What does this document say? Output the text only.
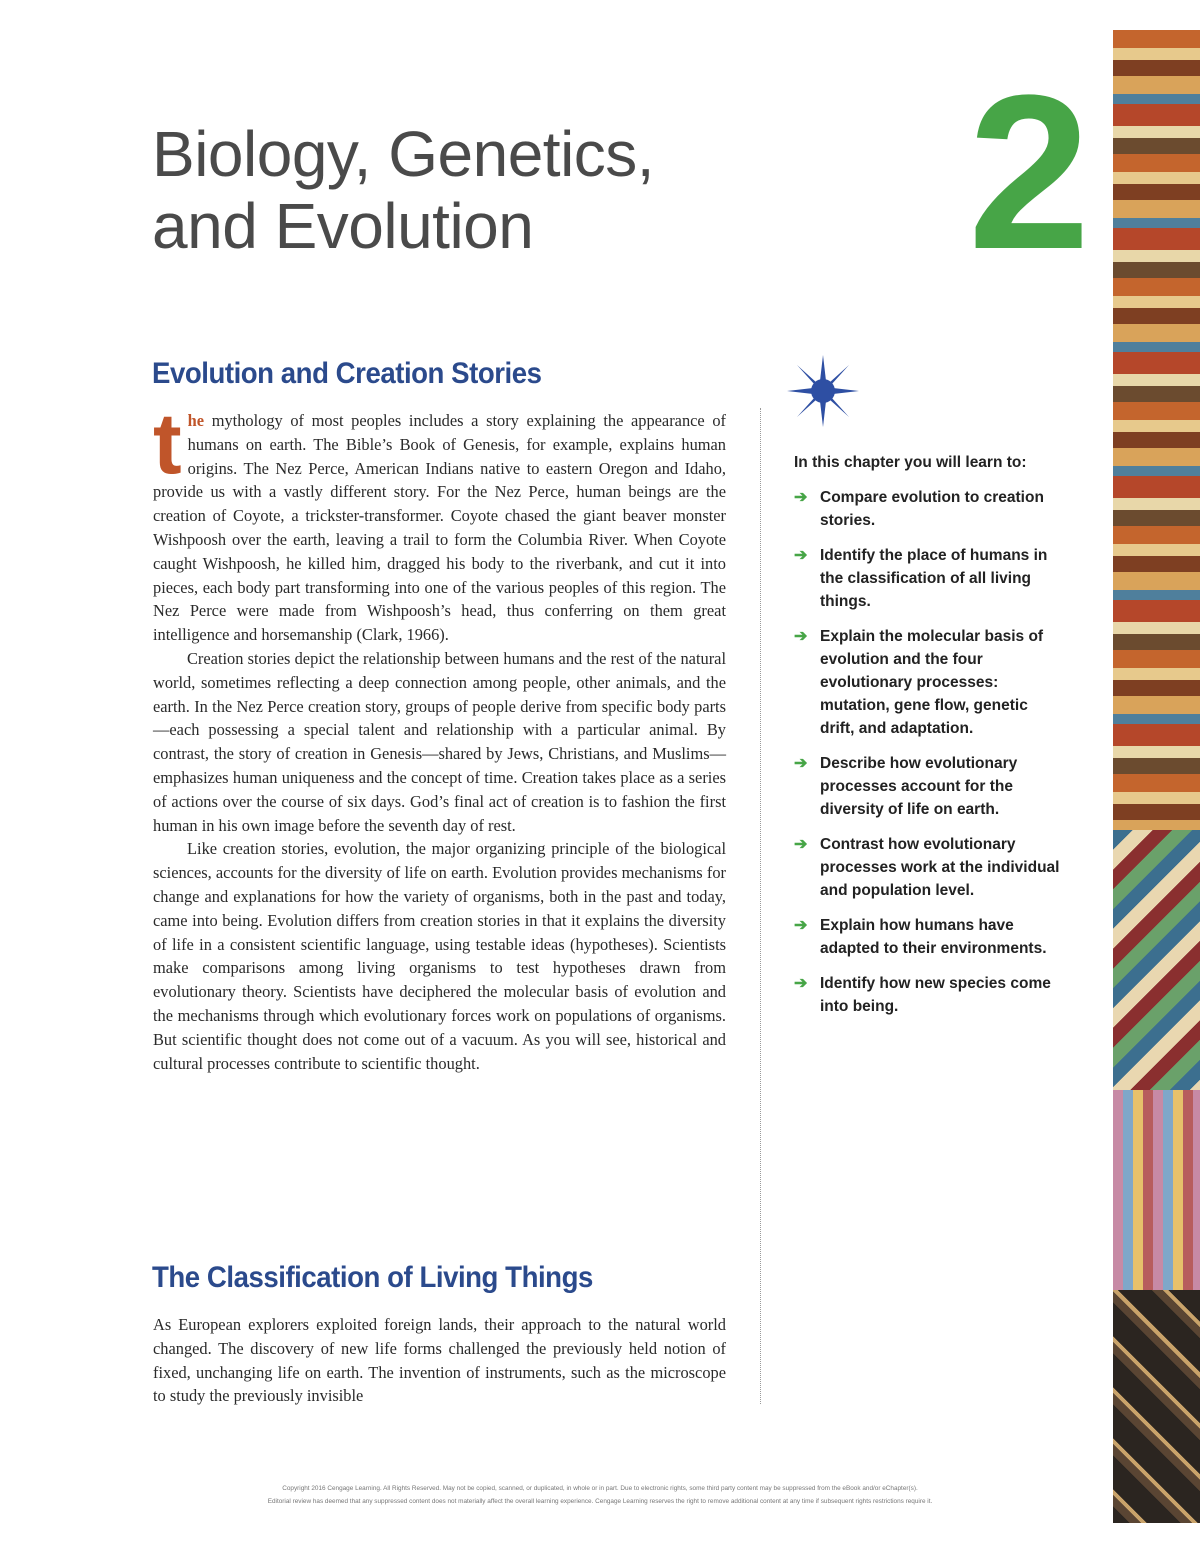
Biology, Genetics,
and Evolution	2
Evolution and Creation Stories

the mythology of most peoples includes a story explaining the appearance of humans on earth. The Bible’s Book of Genesis, for example, explains human origins. The Nez Perce, American Indians native to eastern Oregon and Idaho, provide us with a vastly different story. For the Nez Perce, human beings are the creation of Coyote, a trickster-transformer. Coyote chased the giant beaver monster Wishpoosh over the earth, leaving a trail to form the Columbia River. When Coyote caught Wishpoosh, he killed him, dragged his body to the riverbank, and cut it into pieces, each body part transforming into one of the various peoples of this region. The Nez Perce were made from Wishpoosh’s head, thus conferring on them great intelligence and horsemanship (Clark, 1966).

Creation stories depict the relationship between humans and the rest of the natural world, sometimes reflecting a deep connection among people, other animals, and the earth. In the Nez Perce creation story, groups of people derive from specific body parts—each possessing a special talent and relationship with a particular animal. By contrast, the story of creation in Genesis—shared by Jews, Christians, and Muslims—emphasizes human uniqueness and the concept of time. Creation takes place as a series of actions over the course of six days. God’s final act of creation is to fashion the first human in his own image before the seventh day of rest.

Like creation stories, evolution, the major organizing principle of the biological sciences, accounts for the diversity of life on earth. Evolution provides mechanisms for change and explanations for how the variety of organisms, both in the past and today, came into being. Evolution differs from creation stories in that it explains the diversity of life in a consistent scientific language, using testable ideas (hypotheses). Scientists make comparisons among living organisms to test hypotheses drawn from evolutionary theory. Scientists have deciphered the molecular basis of evolution and the mechanisms through which evolutionary forces work on populations of organisms. But scientific thought does not come out of a vacuum. As you will see, historical and cultural processes contribute to scientific thought.

The Classification of Living Things

As European explorers exploited foreign lands, their approach to the natural world changed. The discovery of new life forms challenged the previously held notion of fixed, unchanging life on earth. The invention of instruments, such as the microscope to study the previously invisible

In this chapter you will learn to:

➔ Compare evolution to creation stories.
➔ Identify the place of humans in the classification of all living things.
➔ Explain the molecular basis of evolution and the four evolutionary processes: mutation, gene flow, genetic drift, and adaptation.
➔ Describe how evolutionary processes account for the diversity of life on earth.
➔ Contrast how evolutionary processes work at the individual and population level.
➔ Explain how humans have adapted to their environments.
➔ Identify how new species come into being.
Copyright 2016 Cengage Learning. All Rights Reserved. May not be copied, scanned, or duplicated, in whole or in part. Due to electronic rights, some third party content may be suppressed from the eBook and/or eChapter(s).
Editorial review has deemed that any suppressed content does not materially affect the overall learning experience. Cengage Learning reserves the right to remove additional content at any time if subsequent rights restrictions require it.
